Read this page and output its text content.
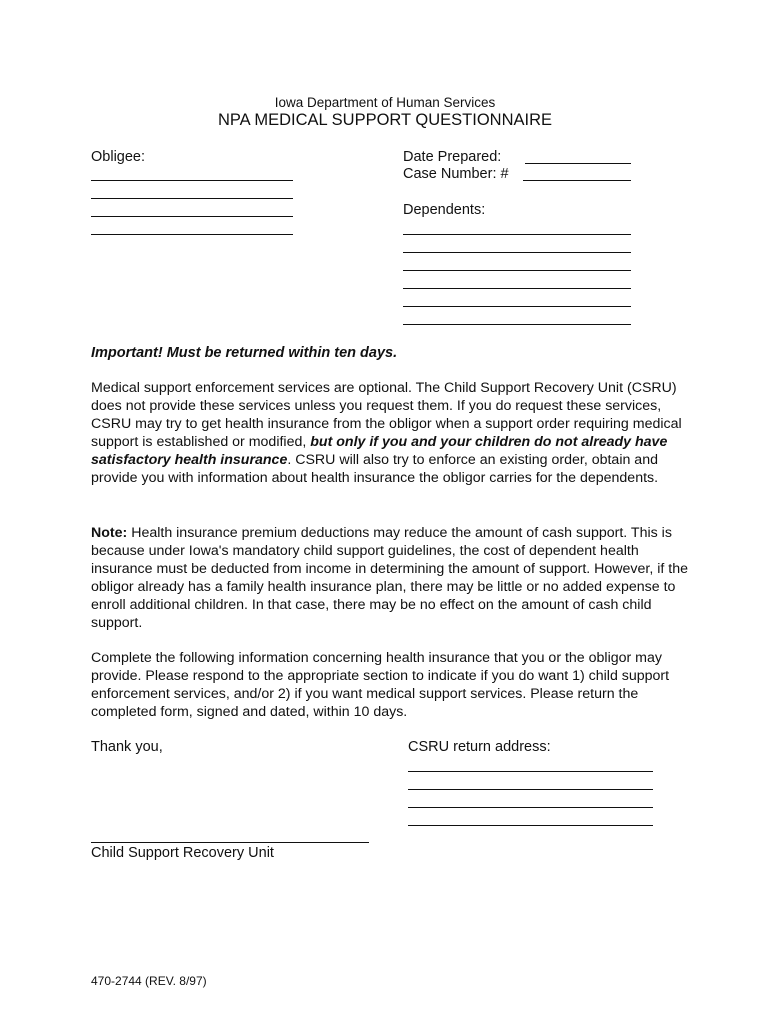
Iowa Department of Human Services
NPA MEDICAL SUPPORT QUESTIONNAIRE
Obligee:	Date Prepared:
Case Number: #
Dependents:
Important! Must be returned within ten days.
Medical support enforcement services are optional. The Child Support Recovery Unit (CSRU) does not provide these services unless you request them. If you do request these services, CSRU may try to get health insurance from the obligor when a support order requiring medical support is established or modified, but only if you and your children do not already have satisfactory health insurance. CSRU will also try to enforce an existing order, obtain and provide you with information about health insurance the obligor carries for the dependents.
Note: Health insurance premium deductions may reduce the amount of cash support. This is because under Iowa's mandatory child support guidelines, the cost of dependent health insurance must be deducted from income in determining the amount of support. However, if the obligor already has a family health insurance plan, there may be little or no added expense to enroll additional children. In that case, there may be no effect on the amount of cash child support.
Complete the following information concerning health insurance that you or the obligor may provide. Please respond to the appropriate section to indicate if you do want 1) child support enforcement services, and/or 2) if you want medical support services. Please return the completed form, signed and dated, within 10 days.
Thank you,	CSRU return address:
Child Support Recovery Unit
470-2744 (REV. 8/97)
